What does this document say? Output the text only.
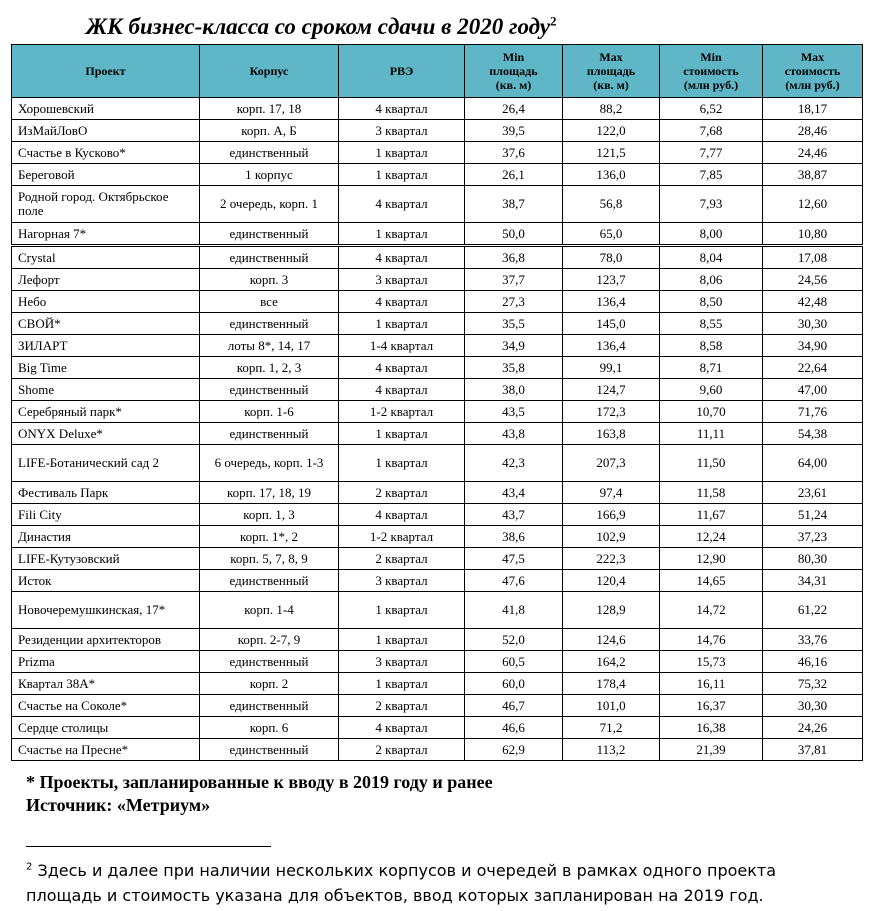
ЖК бизнес-класса со сроком сдачи в 2020 году$^2$
Проект	Корпус	РВЭ	Min
площадь
(кв. м)	Max
площадь
(кв. м)	Min
стоимость
(млн руб.)	Max
стоимость
(млн руб.)
Хорошевский	корп. 17, 18	4 квартал	26,4	88,2	6,52	18,17
ИзМайЛовО	корп. А, Б	3 квартал	39,5	122,0	7,68	28,46
Счастье в Кусково*	единственный	1 квартал	37,6	121,5	7,77	24,46
Береговой	1 корпус	1 квартал	26,1	136,0	7,85	38,87
Родной город. Октябрьское поле	2 очередь, корп. 1	4 квартал	38,7	56,8	7,93	12,60
Нагорная 7*	единственный	1 квартал	50,0	65,0	8,00	10,80
Crystal	единственный	4 квартал	36,8	78,0	8,04	17,08
Лефорт	корп. 3	3 квартал	37,7	123,7	8,06	24,56
Небо	все	4 квартал	27,3	136,4	8,50	42,48
СВОЙ*	единственный	1 квартал	35,5	145,0	8,55	30,30
ЗИЛАРТ	лоты 8*, 14, 17	1-4 квартал	34,9	136,4	8,58	34,90
Big Time	корп. 1, 2, 3	4 квартал	35,8	99,1	8,71	22,64
Shome	единственный	4 квартал	38,0	124,7	9,60	47,00
Серебряный парк*	корп. 1-6	1-2 квартал	43,5	172,3	10,70	71,76
ONYX Deluxe*	единственный	1 квартал	43,8	163,8	11,11	54,38
LIFE-Ботанический сад 2	6 очередь, корп. 1-3	1 квартал	42,3	207,3	11,50	64,00
Фестиваль Парк	корп. 17, 18, 19	2 квартал	43,4	97,4	11,58	23,61
Fili City	корп. 1, 3	4 квартал	43,7	166,9	11,67	51,24
Династия	корп. 1*, 2	1-2 квартал	38,6	102,9	12,24	37,23
LIFE-Кутузовский	корп. 5, 7, 8, 9	2 квартал	47,5	222,3	12,90	80,30
Исток	единственный	3 квартал	47,6	120,4	14,65	34,31
Новочеремушкинская, 17*	корп. 1-4	1 квартал	41,8	128,9	14,72	61,22
Резиденции архитекторов	корп. 2-7, 9	1 квартал	52,0	124,6	14,76	33,76
Prizma	единственный	3 квартал	60,5	164,2	15,73	46,16
Квартал 38А*	корп. 2	1 квартал	60,0	178,4	16,11	75,32
Счастье на Соколе*	единственный	2 квартал	46,7	101,0	16,37	30,30
Сердце столицы	корп. 6	4 квартал	46,6	71,2	16,38	24,26
Счастье на Пресне*	единственный	2 квартал	62,9	113,2	21,39	37,81
* Проекты, запланированные к вводу в 2019 году и ранее
Источник: «Метриум»
$^2$ Здесь и далее при наличии нескольких корпусов и очередей в рамках одного проекта площадь и стоимость указана для объектов, ввод которых запланирован на 2019 год.
